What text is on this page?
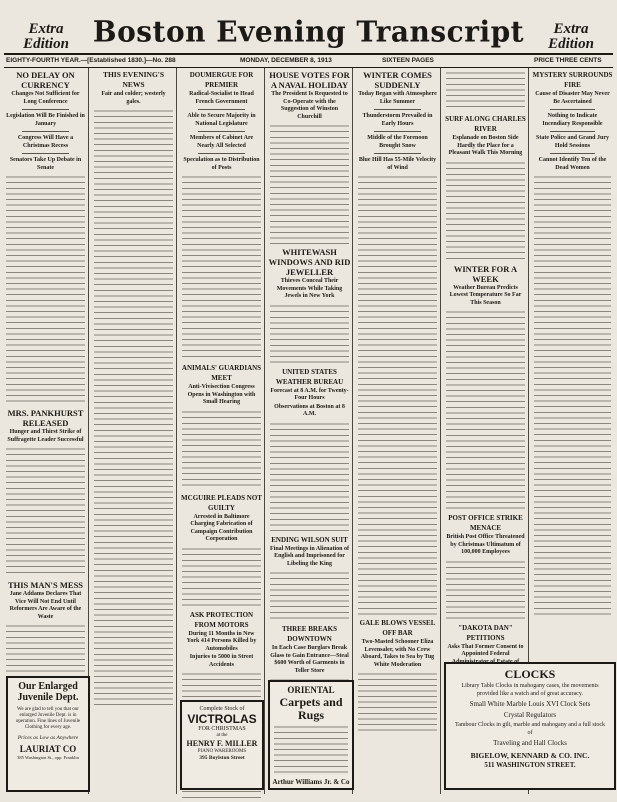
Extra
Edition Boston Evening Transcript	Extra
Edition
EIGHTY-FOURTH YEAR.—[Established 1830.]—No. 288	MONDAY, DECEMBER 8, 1913	SIXTEEN PAGES	PRICE THREE CENTS
NO DELAY ON CURRENCY
Changes Not Sufficient for Long Conference
Legislation Will Be Finished in January
Congress Will Have a Christmas Recess
Senators Take Up Debate in Senate
MRS. PANKHURST RELEASED
Hunger and Thirst Strike of Suffragette Leader Successful
THIS MAN'S MESS
Jane Addams Declares That Vice Will Not End Until Reformers Are Aware of the Waste
THIS EVENING'S NEWS
Fair and colder; westerly gales.
DOUMERGUE FOR PREMIER
Radical-Socialist to Head French Government
Able to Secure Majority in National Legislature
Members of Cabinet Are Nearly All Selected
Speculation as to Distribution of Posts
ANIMALS' GUARDIANS MEET
Anti-Vivisection Congress Opens in Washington with Small Hearing
MCGUIRE PLEADS NOT GUILTY
Arrested in Baltimore Charging Fabrication of Campaign Contribution Corporation
ASK PROTECTION FROM MOTORS
During 11 Months in New York 414 Persons Killed by Automobiles
Injuries to 5000 in Street Accidents
HOUSE VOTES FOR A NAVAL HOLIDAY
The President Is Requested to Co-Operate with the Suggestion of Winston Churchill
WHITEWASH WINDOWS AND RID JEWELLER
Thieves Conceal Their Movements While Taking Jewels in New York
UNITED STATES WEATHER BUREAU
Forecast at 8 A.M. for Twenty-Four Hours
Observations at Boston at 8 A.M.
ENDING WILSON SUIT
Final Meetings in Alienation of English and Imprisoned for Libeling the King
THREE BREAKS DOWNTOWN
In Each Case Burglars Break Glass to Gain Entrance—Steal $600 Worth of Garments in Teller Store
WINTER COMES SUDDENLY
Today Began with Atmosphere Like Summer
Thunderstorm Prevailed in Early Hours
Middle of the Forenoon Brought Snow
Blue Hill Has 55-Mile Velocity of Wind
GALE BLOWS VESSEL OFF BAR
Two-Masted Schooner Eliza Levensaler, with No Crew Aboard, Takes to Sea by Tug White Moderation
SURF ALONG CHARLES RIVER
Esplanade on Boston Side Hardly the Place for a Pleasant Walk This Morning
WINTER FOR A WEEK
Weather Bureau Predicts Lowest Temperature So Far This Season
POST OFFICE STRIKE MENACE
British Post Office Threatened by Christmas Ultimatum of 100,000 Employees
"DAKOTA DAN" PETITIONS
Asks That Former Consent to Appointed Federal
MYSTERY SURROUNDS FIRE
Cause of Disaster May Never Be Ascertained
Nothing to Indicate Incendiary Responsible
State Police and Grand Jury Hold Sessions
Cannot Identify Ten of the Dead Women
Our Enlarged Juvenile Dept.
We are glad to tell you that our enlarged Juvenile Dept. is in operation. Fine lines of Juvenile Clothing for every age.
Prices as Low as Anywhere
LAURIAT CO
385 Washington St., opp. Franklin
Complete Stock of
VICTROLAS
FOR CHRISTMAS
at the
HENRY F. MILLER
PIANO WAREROOMS
395 Boylston Street
ORIENTAL
Carpets and Rugs
Arthur Williams Jr. & Co
CLOCKS
Library Table Clocks in mahogany cases, the movements provided like a watch and of great accuracy.
Small White Marble Louis XVI Clock Sets
Crystal Regulators
Tambour Clocks in gilt, marble and mahogany and a full stock of
Traveling and Hall Clocks
BIGELOW, KENNARD & CO. INC.
511 WASHINGTON STREET.
